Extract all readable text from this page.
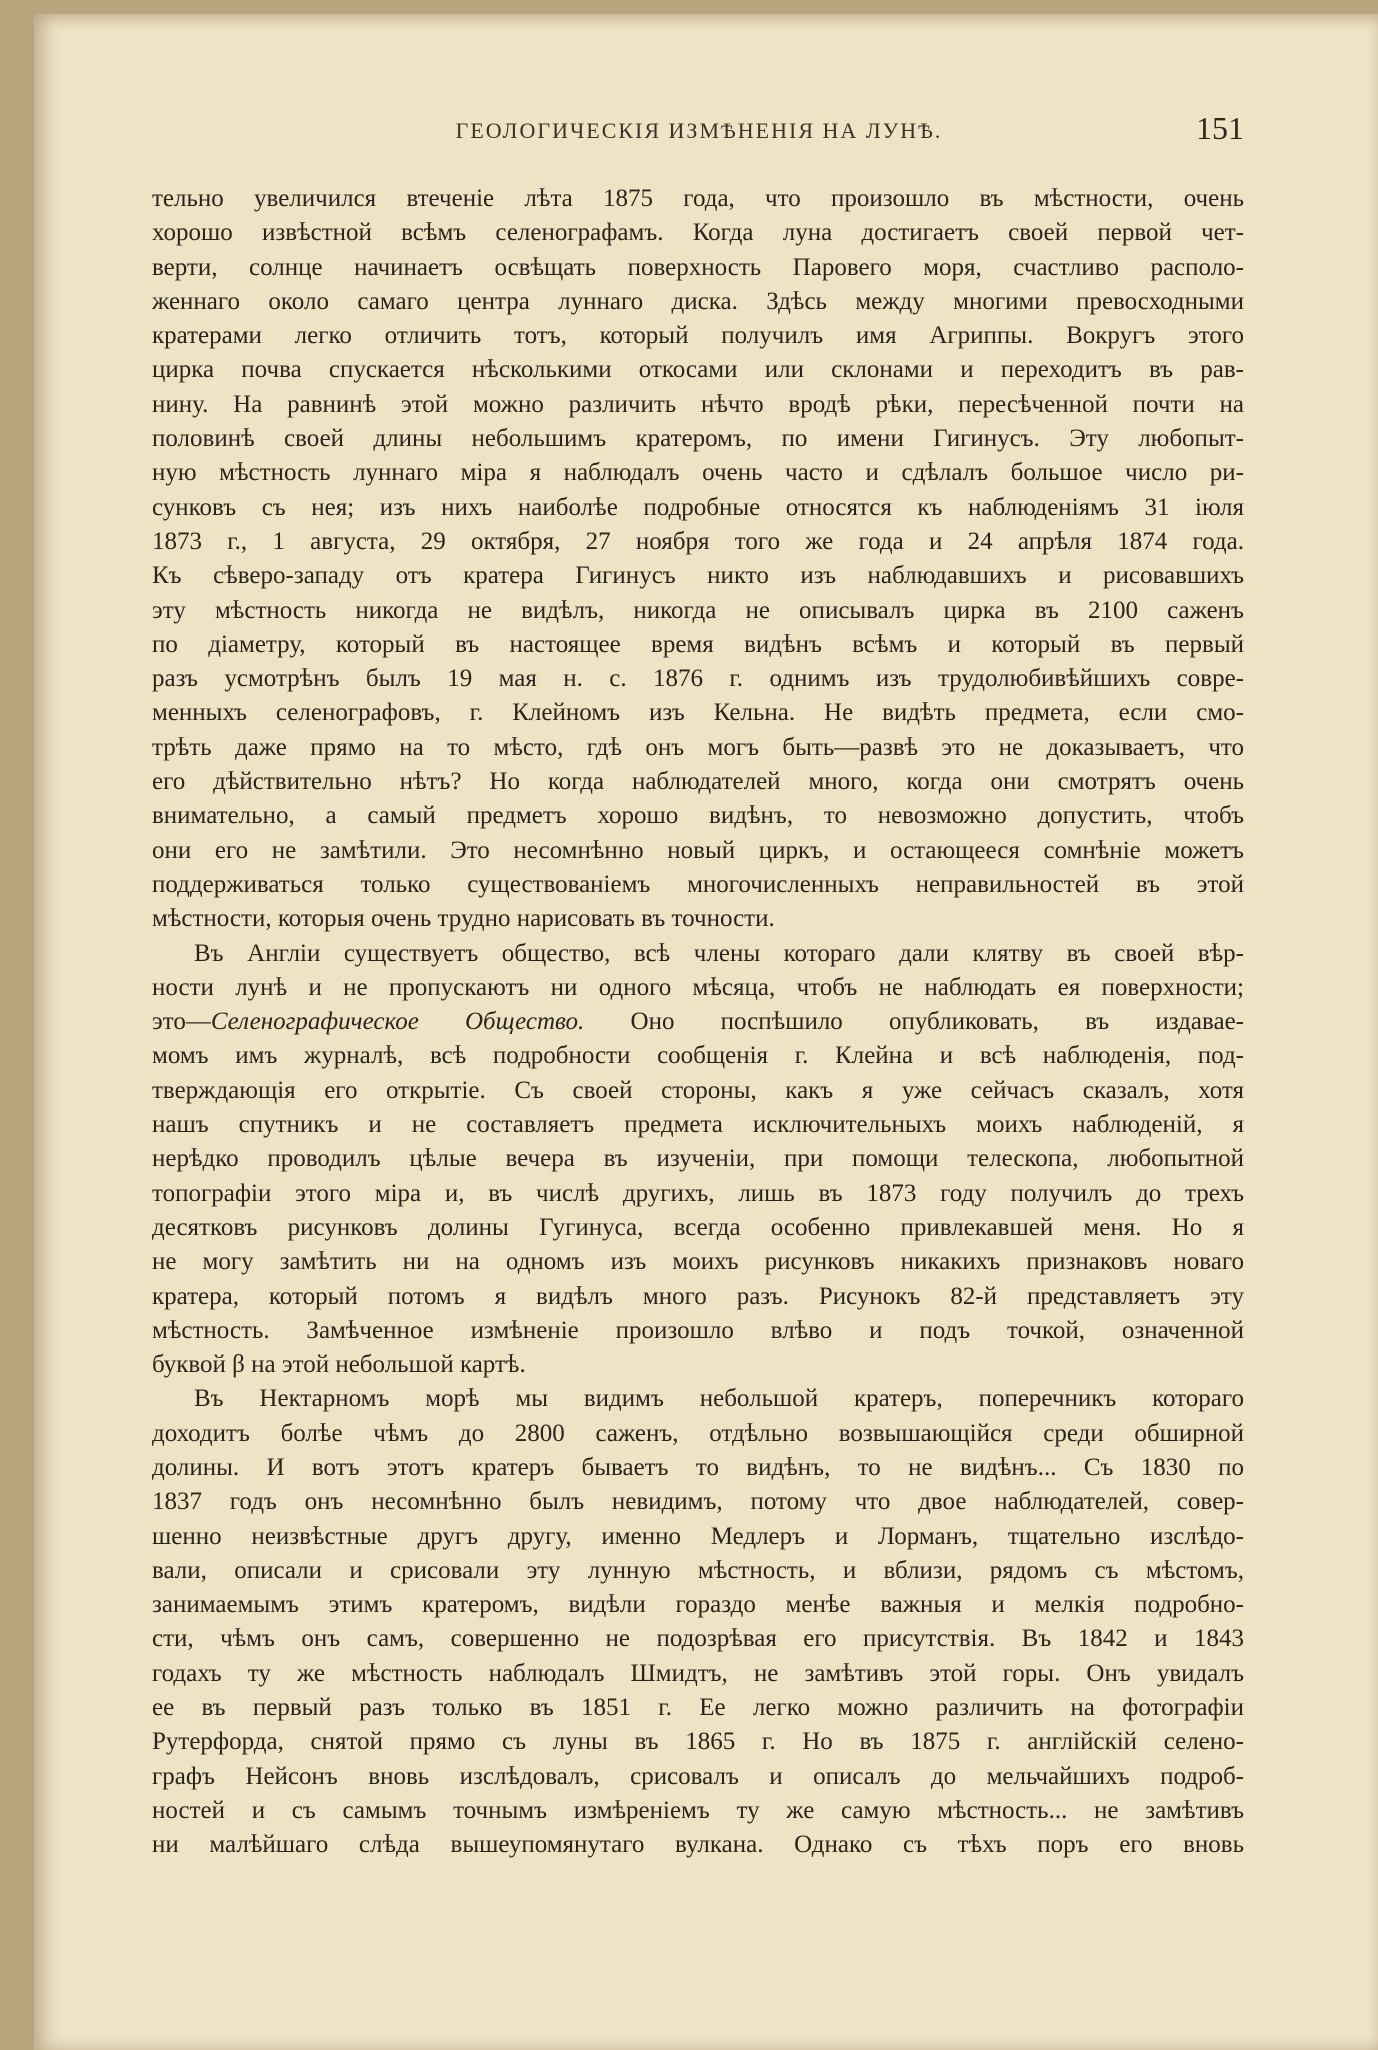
ГЕОЛОГИЧЕСКІЯ ИЗМѢНЕНІЯ НА ЛУНѢ.	151
тельно увеличился втеченіе лѣта 1875 года, что произошло въ мѣстности, очень
хорошо извѣстной всѣмъ селенографамъ. Когда луна достигаетъ своей первой чет-
верти, солнце начинаетъ освѣщать поверхность Паровего моря, счастливо располо-
женнаго около самаго центра луннаго диска. Здѣсь между многими превосходными
кратерами легко отличить тотъ, который получилъ имя Агриппы. Вокругъ этого
цирка почва спускается нѣсколькими откосами или склонами и переходитъ въ рав-
нину. На равнинѣ этой можно различить нѣчто вродѣ рѣки, пересѣченной почти на
половинѣ своей длины небольшимъ кратеромъ, по имени Гигинусъ. Эту любопыт-
ную мѣстность луннаго міра я наблюдалъ очень часто и сдѣлалъ большое число ри-
сунковъ съ нея; изъ нихъ наиболѣе подробные относятся къ наблюденіямъ 31 іюля
1873 г., 1 августа, 29 октября, 27 ноября того же года и 24 апрѣля 1874 года.
Къ сѣверо-западу отъ кратера Гигинусъ никто изъ наблюдавшихъ и рисовавшихъ
эту мѣстность никогда не видѣлъ, никогда не описывалъ цирка въ 2100 саженъ
по діаметру, который въ настоящее время видѣнъ всѣмъ и который въ первый
разъ усмотрѣнъ былъ 19 мая н. с. 1876 г. однимъ изъ трудолюбивѣйшихъ совре-
менныхъ селенографовъ, г. Клейномъ изъ Кельна. Не видѣть предмета, если смо-
трѣть даже прямо на то мѣсто, гдѣ онъ могъ быть—развѣ это не доказываетъ, что
его дѣйствительно нѣтъ? Но когда наблюдателей много, когда они смотрятъ очень
внимательно, а самый предметъ хорошо видѣнъ, то невозможно допустить, чтобъ
они его не замѣтили. Это несомнѣнно новый циркъ, и остающееся сомнѣніе можетъ
поддерживаться только существованіемъ многочисленныхъ неправильностей въ этой
мѣстности, которыя очень трудно нарисовать въ точности.
Въ Англіи существуетъ общество, всѣ члены котораго дали клятву въ своей вѣр-
ности лунѣ и не пропускаютъ ни одного мѣсяца, чтобъ не наблюдать ея поверхности;
это—Селенографическое Общество. Оно поспѣшило опубликовать, въ издавае-
момъ имъ журналѣ, всѣ подробности сообщенія г. Клейна и всѣ наблюденія, под-
тверждающія его открытіе. Съ своей стороны, какъ я уже сейчасъ сказалъ, хотя
нашъ спутникъ и не составляетъ предмета исключительныхъ моихъ наблюденій, я
нерѣдко проводилъ цѣлые вечера въ изученіи, при помощи телескопа, любопытной
топографіи этого міра и, въ числѣ другихъ, лишь въ 1873 году получилъ до трехъ
десятковъ рисунковъ долины Гугинуса, всегда особенно привлекавшей меня. Но я
не могу замѣтить ни на одномъ изъ моихъ рисунковъ никакихъ признаковъ новаго
кратера, который потомъ я видѣлъ много разъ. Рисунокъ 82-й представляетъ эту
мѣстность. Замѣченное измѣненіе произошло влѣво и подъ точкой, означенной
буквой β на этой небольшой картѣ.
Въ Нектарномъ морѣ мы видимъ небольшой кратеръ, поперечникъ котораго
доходитъ болѣе чѣмъ до 2800 саженъ, отдѣльно возвышающійся среди обширной
долины. И вотъ этотъ кратеръ бываетъ то видѣнъ, то не видѣнъ... Съ 1830 по
1837 годъ онъ несомнѣнно былъ невидимъ, потому что двое наблюдателей, совер-
шенно неизвѣстные другъ другу, именно Медлеръ и Лорманъ, тщательно изслѣдо-
вали, описали и срисовали эту лунную мѣстность, и вблизи, рядомъ съ мѣстомъ,
занимаемымъ этимъ кратеромъ, видѣли гораздо менѣе важныя и мелкія подробно-
сти, чѣмъ онъ самъ, совершенно не подозрѣвая его присутствія. Въ 1842 и 1843
годахъ ту же мѣстность наблюдалъ Шмидтъ, не замѣтивъ этой горы. Онъ увидалъ
ее въ первый разъ только въ 1851 г. Ее легко можно различить на фотографіи
Рутерфорда, снятой прямо съ луны въ 1865 г. Но въ 1875 г. англійскій селено-
графъ Нейсонъ вновь изслѣдовалъ, срисовалъ и описалъ до мельчайшихъ подроб-
ностей и съ самымъ точнымъ измѣреніемъ ту же самую мѣстность... не замѣтивъ
ни малѣйшаго слѣда вышеупомянутаго вулкана. Однако съ тѣхъ поръ его вновь
